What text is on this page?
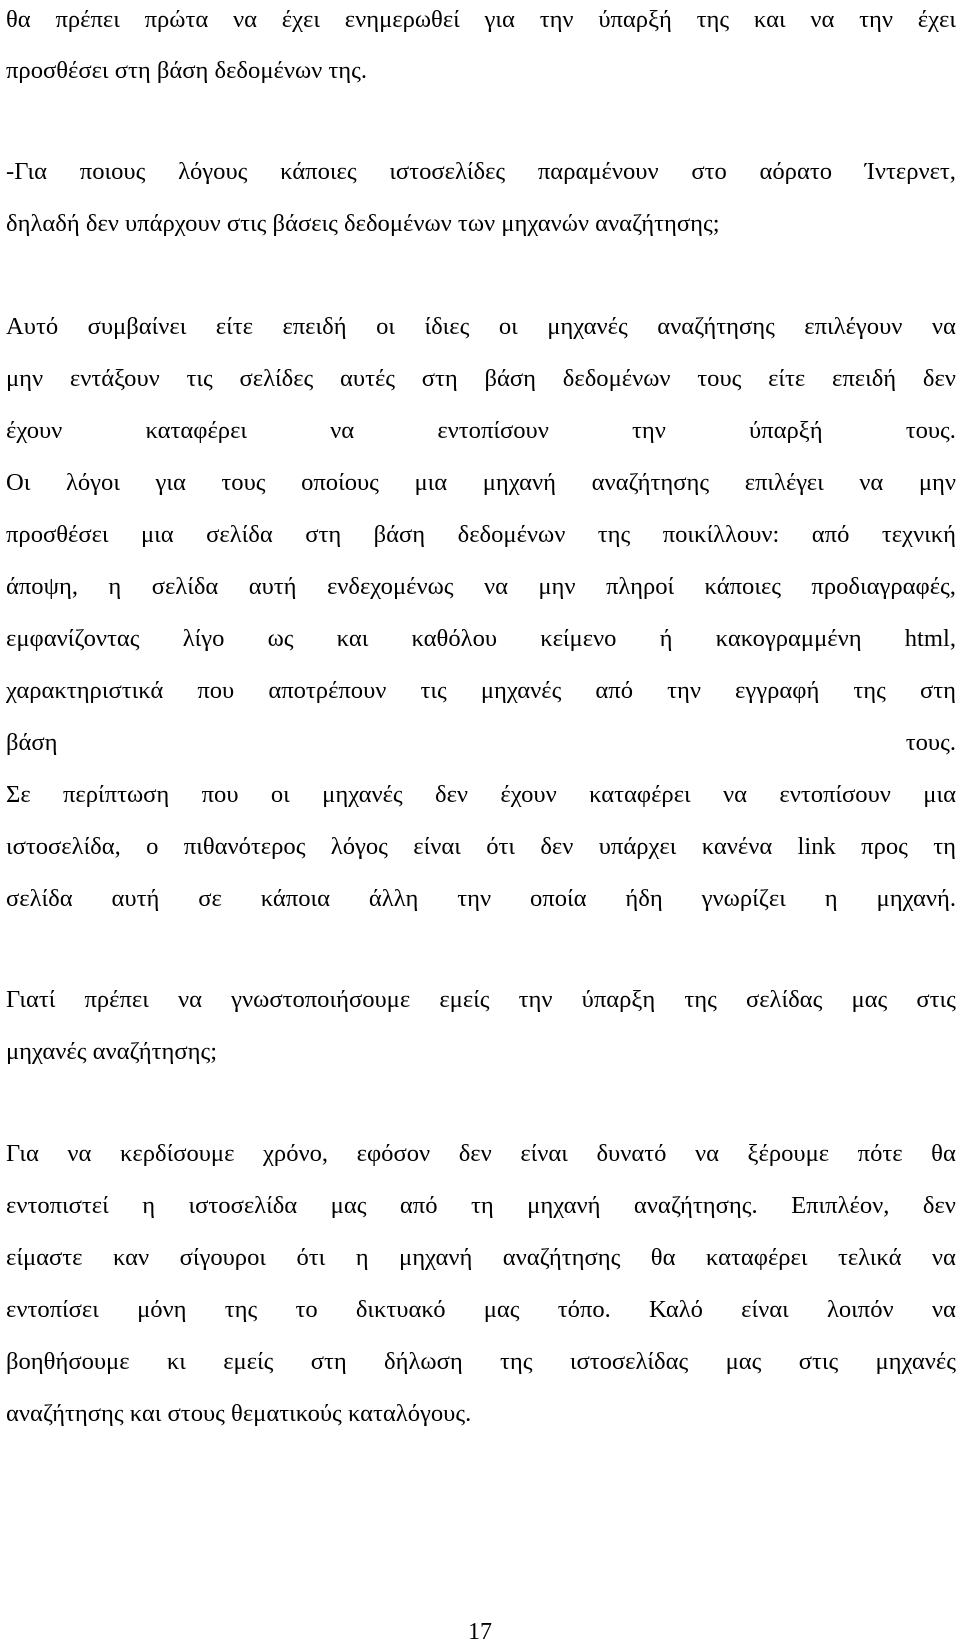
θα πρέπει πρώτα να έχει ενημερωθεί για την ύπαρξή της και να την έχει
προσθέσει στη βάση δεδομένων της.
-Για ποιους λόγους κάποιες ιστοσελίδες παραμένουν στο αόρατο Ίντερνετ,
δηλαδή δεν υπάρχουν στις βάσεις δεδομένων των μηχανών αναζήτησης;
Αυτό συμβαίνει είτε επειδή οι ίδιες οι μηχανές αναζήτησης επιλέγουν να
μην εντάξουν τις σελίδες αυτές στη βάση δεδομένων τους είτε επειδή δεν
έχουν	καταφέρει	να	εντοπίσουν	την	ύπαρξή	τους.
Οι λόγοι για τους οποίους μια μηχανή αναζήτησης επιλέγει να μην
προσθέσει μια σελίδα στη βάση δεδομένων της ποικίλλουν: από τεχνική
άποψη, η σελίδα αυτή ενδεχομένως να μην πληροί κάποιες προδιαγραφές,
εμφανίζοντας λίγο ως και καθόλου κείμενο ή κακογραμμένη html,
χαρακτηριστικά που αποτρέπουν τις μηχανές από την εγγραφή της στη
βάση	τους.
Σε περίπτωση που οι μηχανές δεν έχουν καταφέρει να εντοπίσουν μια
ιστοσελίδα, ο πιθανότερος λόγος είναι ότι δεν υπάρχει κανένα link προς τη
σελίδα αυτή σε κάποια άλλη την οποία ήδη γνωρίζει η μηχανή.
Γιατί πρέπει να γνωστοποιήσουμε εμείς την ύπαρξη της σελίδας μας στις
μηχανές αναζήτησης;
Για να κερδίσουμε χρόνο, εφόσον δεν είναι δυνατό να ξέρουμε πότε θα
εντοπιστεί η ιστοσελίδα μας από τη μηχανή αναζήτησης. Επιπλέον, δεν
είμαστε καν σίγουροι ότι η μηχανή αναζήτησης θα καταφέρει τελικά να
εντοπίσει μόνη της το δικτυακό μας τόπο. Καλό είναι λοιπόν να
βοηθήσουμε κι εμείς στη δήλωση της ιστοσελίδας μας στις μηχανές
αναζήτησης και στους θεματικούς καταλόγους.
17
